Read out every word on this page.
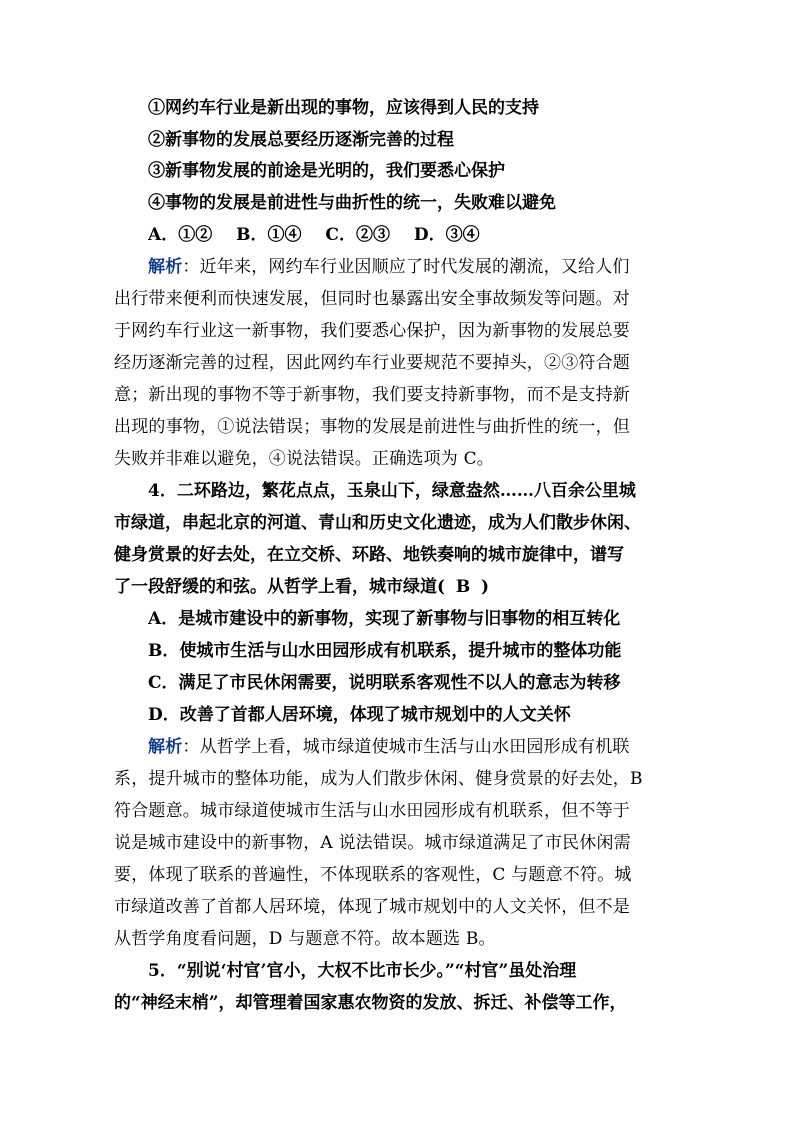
①网约车行业是新出现的事物，应该得到人民的支持
②新事物的发展总要经历逐渐完善的过程
③新事物发展的前途是光明的，我们要悉心保护
④事物的发展是前进性与曲折性的统一，失败难以避免
A．①② B．①④ C．②③ D．③④
解析：近年来，网约车行业因顺应了时代发展的潮流，又给人们
出行带来便利而快速发展，但同时也暴露出安全事故频发等问题。对
于网约车行业这一新事物，我们要悉心保护，因为新事物的发展总要
经历逐渐完善的过程，因此网约车行业要规范不要掉头，②③符合题
意；新出现的事物不等于新事物，我们要支持新事物，而不是支持新
出现的事物，①说法错误；事物的发展是前进性与曲折性的统一，但
失败并非难以避免，④说法错误。正确选项为 C。
4．二环路边，繁花点点，玉泉山下，绿意盎然……八百余公里城
市绿道，串起北京的河道、青山和历史文化遗迹，成为人们散步休闲、
健身赏景的好去处，在立交桥、环路、地铁奏响的城市旋律中，谱写
了一段舒缓的和弦。从哲学上看，城市绿道( B )
A．是城市建设中的新事物，实现了新事物与旧事物的相互转化
B．使城市生活与山水田园形成有机联系，提升城市的整体功能
C．满足了市民休闲需要，说明联系客观性不以人的意志为转移
D．改善了首都人居环境，体现了城市规划中的人文关怀
解析：从哲学上看，城市绿道使城市生活与山水田园形成有机联
系，提升城市的整体功能，成为人们散步休闲、健身赏景的好去处，B
符合题意。城市绿道使城市生活与山水田园形成有机联系，但不等于
说是城市建设中的新事物，A 说法错误。城市绿道满足了市民休闲需
要，体现了联系的普遍性，不体现联系的客观性，C 与题意不符。城
市绿道改善了首都人居环境，体现了城市规划中的人文关怀，但不是
从哲学角度看问题，D 与题意不符。故本题选 B。
5．“别说‘村官’官小，大权不比市长少。”“村官”虽处治理
的“神经末梢”，却管理着国家惠农物资的发放、拆迁、补偿等工作，
